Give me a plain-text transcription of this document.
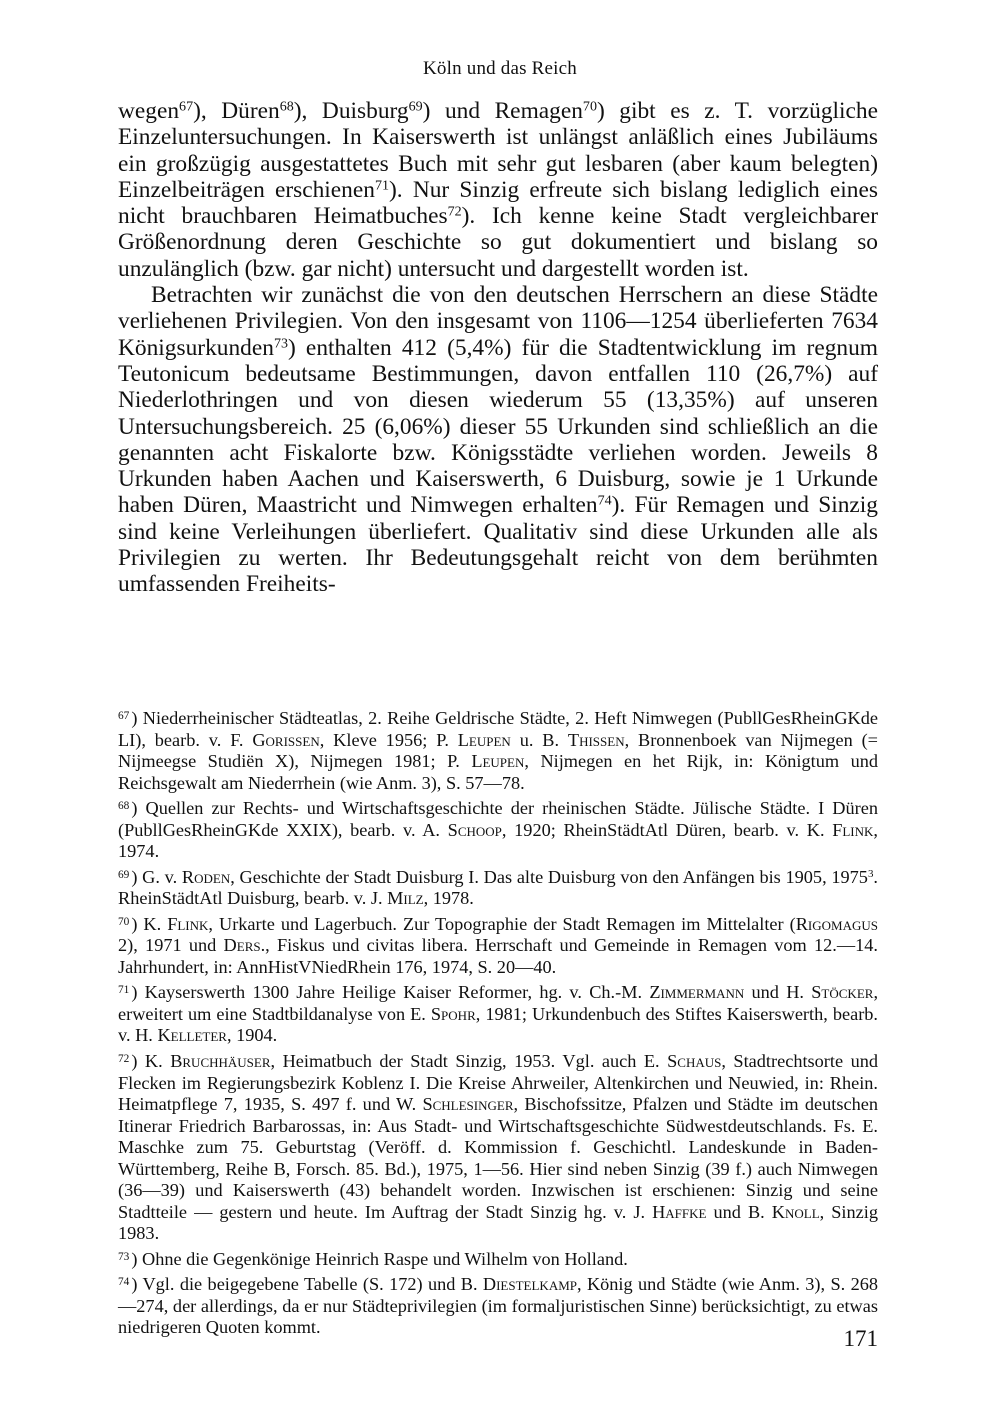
Köln und das Reich

wegen$^{67}$), Düren$^{68}$), Duisburg$^{69}$) und Remagen$^{70}$) gibt es z. T. vorzügliche Einzeluntersuchungen. In Kaiserswerth ist unlängst anläßlich eines Jubiläums ein großzügig ausgestattetes Buch mit sehr gut lesbaren (aber kaum belegten) Einzelbeiträgen erschienen$^{71}$). Nur Sinzig erfreute sich bislang lediglich eines nicht brauchbaren Heimatbuches$^{72}$). Ich kenne keine Stadt vergleichbarer Größenordnung deren Geschichte so gut dokumentiert und bislang so unzulänglich (bzw. gar nicht) untersucht und dargestellt worden ist.

Betrachten wir zunächst die von den deutschen Herrschern an diese Städte verliehenen Privilegien. Von den insgesamt von 1106—1254 überlieferten 7634 Königsurkunden$^{73}$) enthalten 412 (5,4%) für die Stadtentwicklung im regnum Teutonicum bedeutsame Bestimmungen, davon entfallen 110 (26,7%) auf Niederlothringen und von diesen wiederum 55 (13,35%) auf unseren Untersuchungsbereich. 25 (6,06%) dieser 55 Urkunden sind schließlich an die genannten acht Fiskalorte bzw. Königsstädte verliehen worden. Jeweils 8 Urkunden haben Aachen und Kaiserswerth, 6 Duisburg, sowie je 1 Urkunde haben Düren, Maastricht und Nimwegen erhalten$^{74}$). Für Remagen und Sinzig sind keine Verleihungen überliefert. Qualitativ sind diese Urkunden alle als Privilegien zu werten. Ihr Bedeutungsgehalt reicht von dem berühmten umfassenden Freiheits-

$^{67}$ ) Niederrheinischer Städteatlas, 2. Reihe Geldrische Städte, 2. Heft Nimwegen (PubllGesRheinGKde LI), bearb. v. F. Gorissen, Kleve 1956; P. Leupen u. B. Thissen, Bronnenboek van Nijmegen (= Nijmeegse Studiën X), Nijmegen 1981; P. Leupen, Nijmegen en het Rijk, in: Königtum und Reichsgewalt am Niederrhein (wie Anm. 3), S. 57—78.

$^{68}$ ) Quellen zur Rechts- und Wirtschaftsgeschichte der rheinischen Städte. Jülische Städte. I Düren (PubllGesRheinGKde XXIX), bearb. v. A. Schoop, 1920; RheinStädtAtl Düren, bearb. v. K. Flink, 1974.

$^{69}$ ) G. v. Roden, Geschichte der Stadt Duisburg I. Das alte Duisburg von den Anfängen bis 1905, 1975$^3$. RheinStädtAtl Duisburg, bearb. v. J. Milz, 1978.

$^{70}$ ) K. Flink, Urkarte und Lagerbuch. Zur Topographie der Stadt Remagen im Mittelalter (Rigomagus 2), 1971 und Ders., Fiskus und civitas libera. Herrschaft und Gemeinde in Remagen vom 12.—14. Jahrhundert, in: AnnHistVNiedRhein 176, 1974, S. 20—40.

$^{71}$ ) Kayserswerth 1300 Jahre Heilige Kaiser Reformer, hg. v. Ch.-M. Zimmermann und H. Stöcker, erweitert um eine Stadtbildanalyse von E. Spohr, 1981; Urkundenbuch des Stiftes Kaiserswerth, bearb. v. H. Kelleter, 1904.

$^{72}$ ) K. Bruchhäuser, Heimatbuch der Stadt Sinzig, 1953. Vgl. auch E. Schaus, Stadtrechtsorte und Flecken im Regierungsbezirk Koblenz I. Die Kreise Ahrweiler, Altenkirchen und Neuwied, in: Rhein. Heimatpflege 7, 1935, S. 497 f. und W. Schlesinger, Bischofssitze, Pfalzen und Städte im deutschen Itinerar Friedrich Barbarossas, in: Aus Stadt- und Wirtschaftsgeschichte Südwestdeutschlands. Fs. E. Maschke zum 75. Geburtstag (Veröff. d. Kommission f. Geschichtl. Landeskunde in Baden-Württemberg, Reihe B, Forsch. 85. Bd.), 1975, 1—56. Hier sind neben Sinzig (39 f.) auch Nimwegen (36—39) und Kaiserswerth (43) behandelt worden. Inzwischen ist erschienen: Sinzig und seine Stadtteile — gestern und heute. Im Auftrag der Stadt Sinzig hg. v. J. Haffke und B. Knoll, Sinzig 1983.

$^{73}$ ) Ohne die Gegenkönige Heinrich Raspe und Wilhelm von Holland.

$^{74}$ ) Vgl. die beigegebene Tabelle (S. 172) und B. Diestelkamp, König und Städte (wie Anm. 3), S. 268—274, der allerdings, da er nur Städteprivilegien (im formaljuristischen Sinne) berücksichtigt, zu etwas niedrigeren Quoten kommt.	171
